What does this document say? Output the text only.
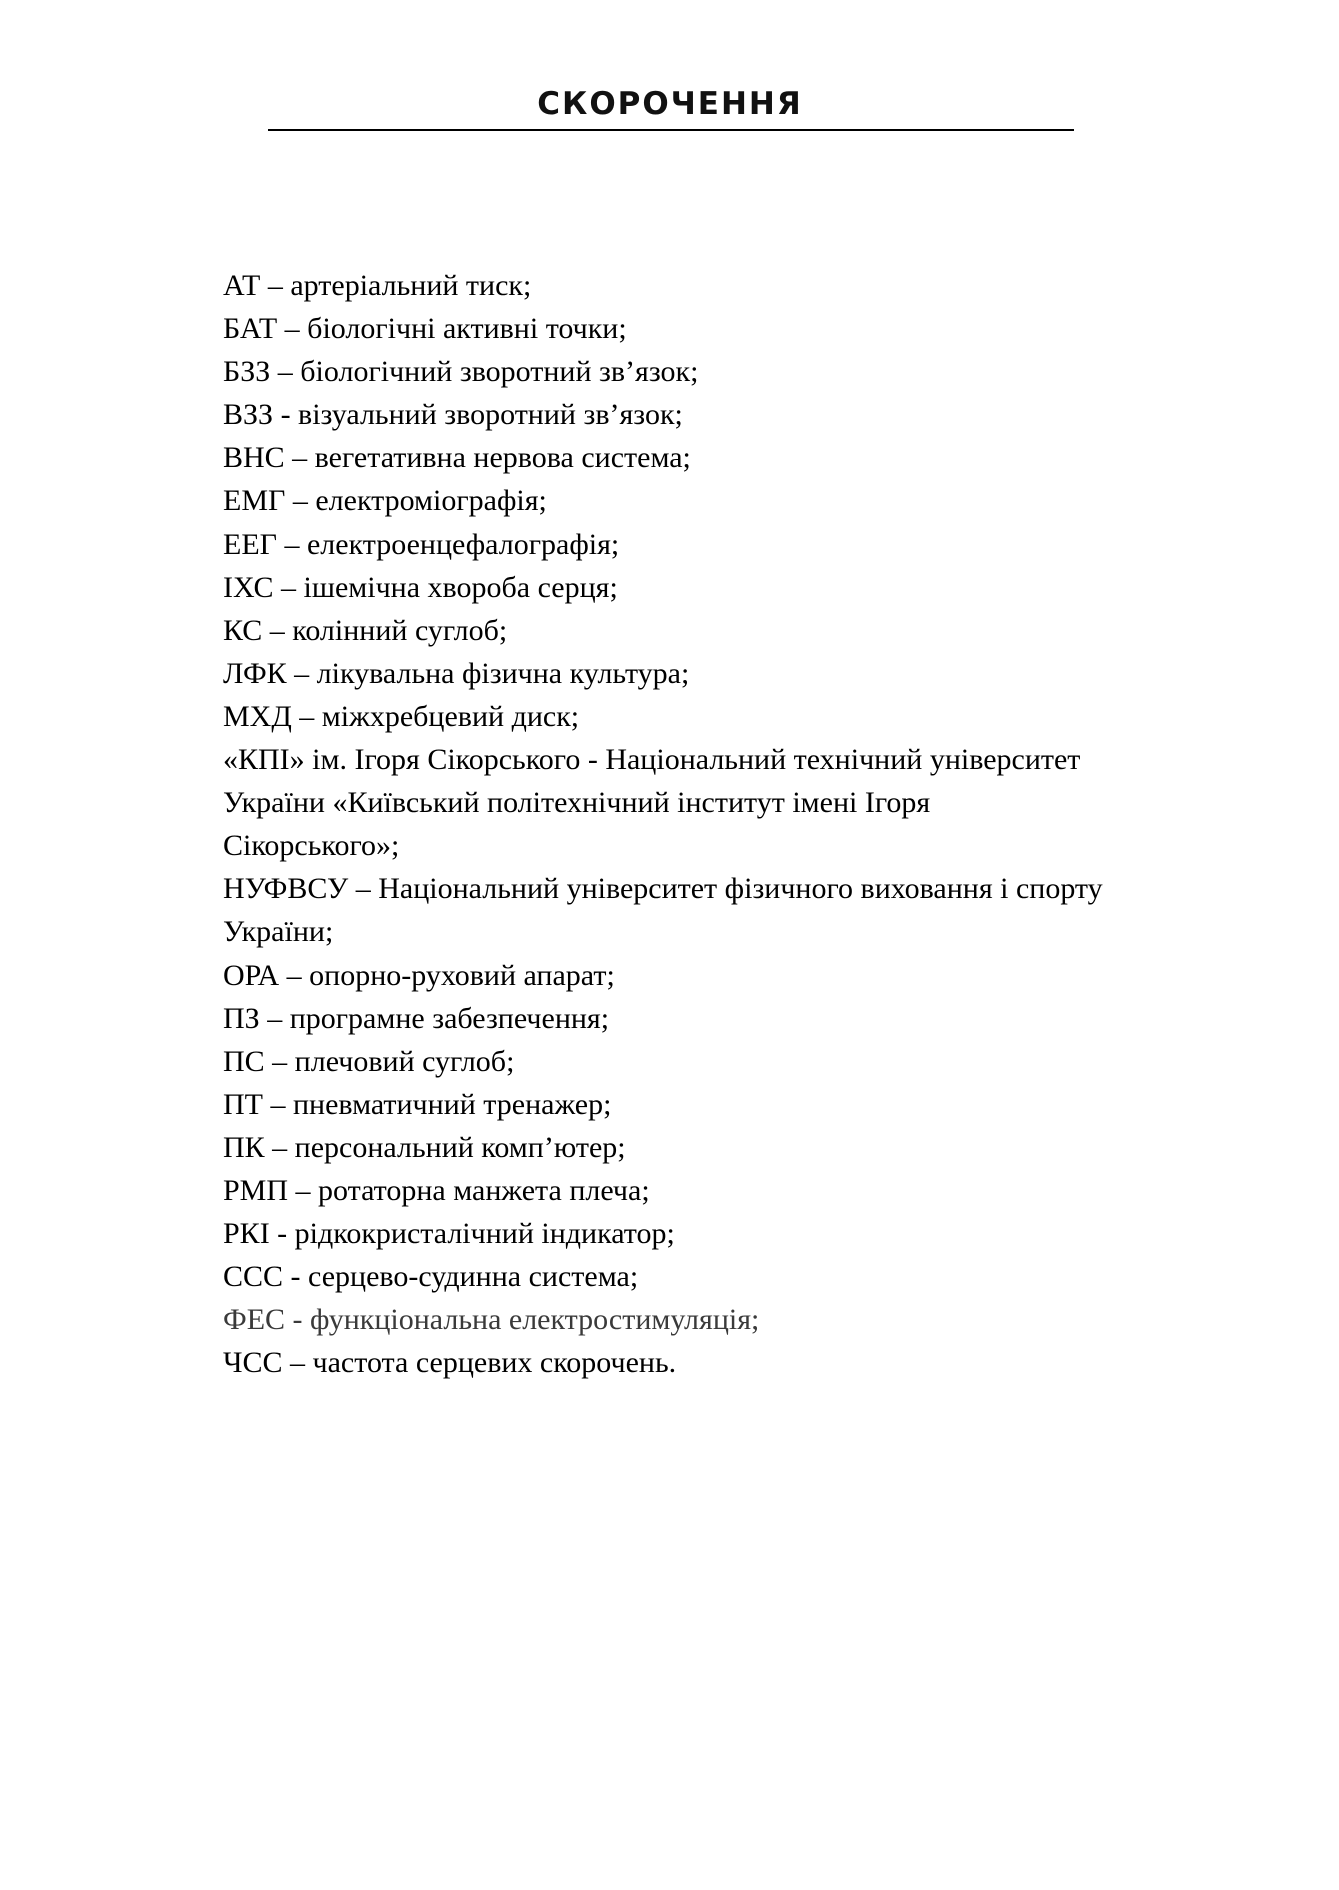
СКОРОЧЕННЯ
АТ – артеріальний тиск;
БАТ – біологічні активні точки;
БЗЗ – біологічний зворотний зв’язок;
ВЗЗ - візуальний зворотний зв’язок;
ВНС – вегетативна нервова система;
ЕМГ – електроміографія;
ЕЕГ – електроенцефалографія;
ІХС – ішемічна хвороба серця;
КС – колінний суглоб;
ЛФК – лікувальна фізична культура;
МХД – міжхребцевий диск;
«КПІ» ім. Ігоря Сікорського - Національний технічний університет
України «Київський політехнічний інститут імені Ігоря
Сікорського»;
НУФВСУ – Національний університет фізичного виховання і спорту
України;
ОРА – опорно-руховий апарат;
ПЗ – програмне забезпечення;
ПС – плечовий суглоб;
ПТ – пневматичний тренажер;
ПК – персональний комп’ютер;
РМП – ротаторна манжета плеча;
РКІ - рідкокристалічний індикатор;
ССС - серцево-судинна система;
ФЕС - функціональна електростимуляція;
ЧСС – частота серцевих скорочень.
